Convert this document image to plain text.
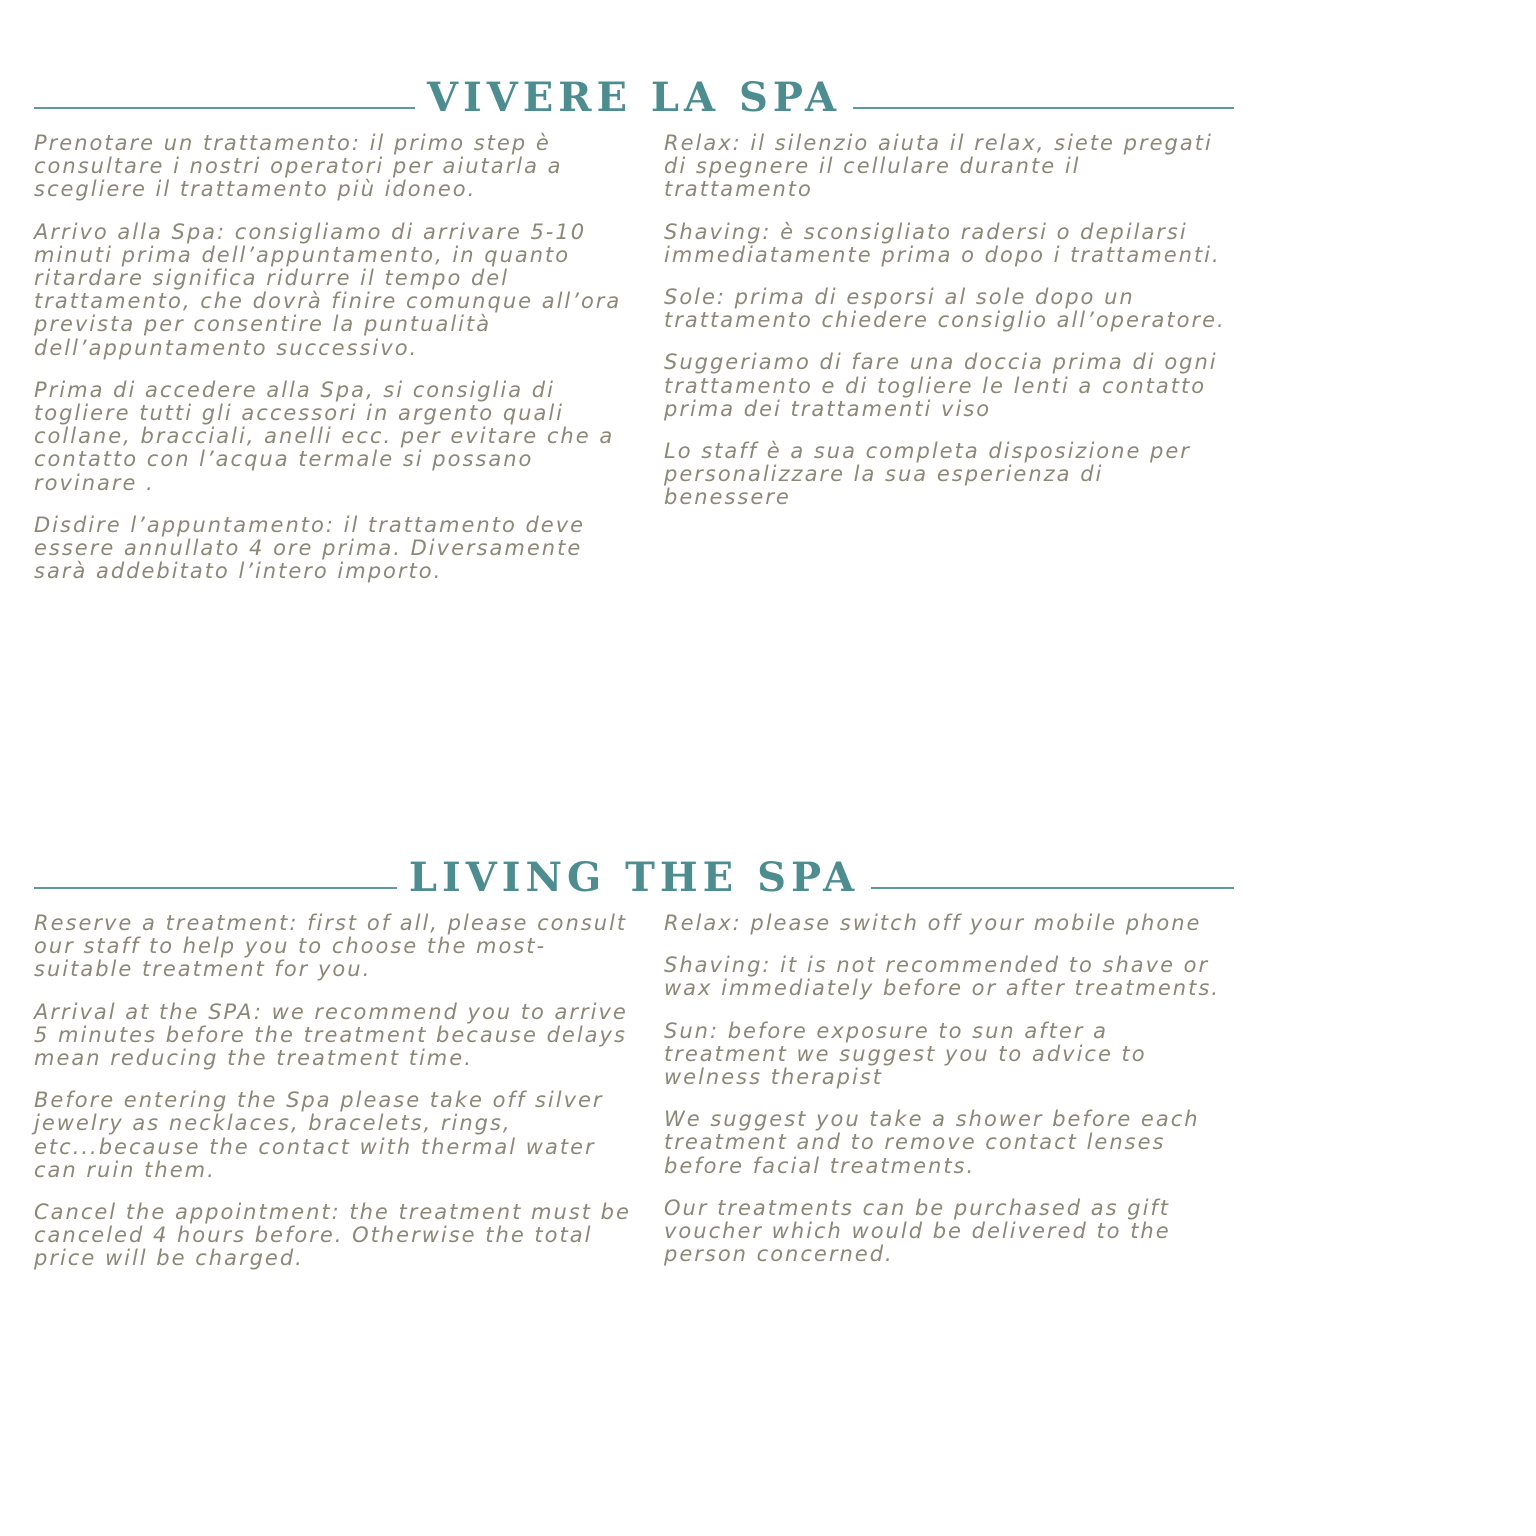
VIVERE LA SPA

Prenotare un trattamento: il primo step è consultare i nostri operatori per aiutarla a scegliere il trattamento più idoneo.

Arrivo alla Spa: consigliamo di arrivare 5-10 minuti prima dell’appuntamento, in quanto ritardare significa ridurre il tempo del trattamento, che dovrà finire comunque all’ora prevista per consentire la puntualità dell’appuntamento successivo.

Prima di accedere alla Spa, si consiglia di togliere tutti gli accessori in argento quali collane, bracciali, anelli ecc. per evitare che a contatto con l’acqua termale si possano rovinare .

Disdire l’appuntamento: il trattamento deve essere annullato 4 ore prima. Diversamente sarà addebitato l’intero importo.

Relax: il silenzio aiuta il relax, siete pregati di spegnere il cellulare durante il trattamento

Shaving: è sconsigliato radersi o depilarsi immediatamente prima o dopo i trattamenti.

Sole: prima di esporsi al sole dopo un trattamento chiedere consiglio all’operatore.

Suggeriamo di fare una doccia prima di ogni trattamento e di togliere le lenti a contatto prima dei trattamenti viso

Lo staff è a sua completa disposizione per personalizzare la sua esperienza di benessere

LIVING THE SPA

Reserve a treatment: first of all, please consult our staff to help you to choose the most-suitable treatment for you.

Arrival at the SPA: we recommend you to arrive 5 minutes before the treatment because delays mean reducing the treatment time.

Before entering the Spa please take off silver jewelry as necklaces, bracelets, rings, etc...because the contact with thermal water can ruin them.

Cancel the appointment: the treatment must be canceled 4 hours before. Otherwise the total price will be charged.

Relax: please switch off your mobile phone

Shaving: it is not recommended to shave or wax immediately before or after treatments.

Sun: before exposure to sun after a treatment we suggest you to advice to welness therapist

We suggest you take a shower before each treatment and to remove contact lenses before facial treatments.

Our treatments can be purchased as gift voucher which would be delivered to the person concerned.
